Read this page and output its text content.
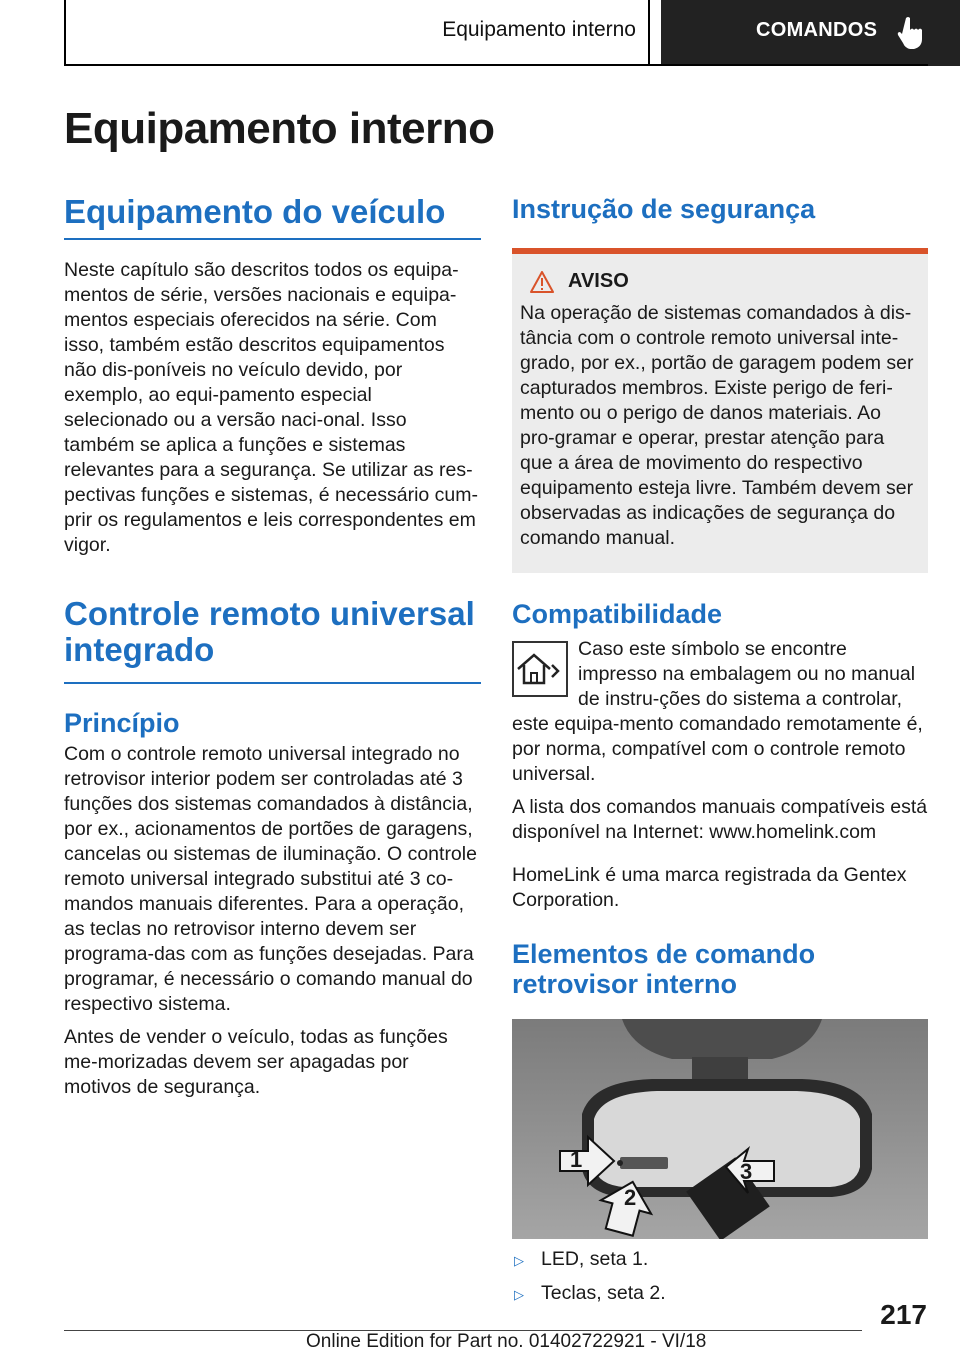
Equipamento interno	COMANDOS
Equipamento interno
Equipamento do veículo
Neste capítulo são descritos todos os equipa-mentos de série, versões nacionais e equipa-mentos especiais oferecidos na série. Com isso, também estão descritos equipamentos não dis-poníveis no veículo devido, por exemplo, ao equi-pamento especial selecionado ou a versão naci-onal. Isso também se aplica a funções e sistemas relevantes para a segurança. Se utilizar as res-pectivas funções e sistemas, é necessário cum-prir os regulamentos e leis correspondentes em vigor.
Controle remoto universal integrado
Princípio
Com o controle remoto universal integrado no retrovisor interior podem ser controladas até 3 funções dos sistemas comandados à distância, por ex., acionamentos de portões de garagens, cancelas ou sistemas de iluminação. O controle remoto universal integrado substitui até 3 co-mandos manuais diferentes. Para a operação, as teclas no retrovisor interno devem ser programa-das com as funções desejadas. Para programar, é necessário o comando manual do respectivo sistema.
Antes de vender o veículo, todas as funções me-morizadas devem ser apagadas por motivos de segurança.
Instrução de segurança
AVISO
Na operação de sistemas comandados à dis-tância com o controle remoto universal inte-grado, por ex., portão de garagem podem ser capturados membros. Existe perigo de feri-mento ou o perigo de danos materiais. Ao pro-gramar e operar, prestar atenção para que a área de movimento do respectivo equipamento esteja livre. Também devem ser observadas as indicações de segurança do comando manual.
Compatibilidade
Caso este símbolo se encontre impresso na embalagem ou no manual de instru-ções do sistema a controlar, este equipa-mento comandado remotamente é, por norma, compatível com o controle remoto universal.
A lista dos comandos manuais compatíveis está disponível na Internet: www.homelink.com
HomeLink é uma marca registrada da Gentex Corporation.
Elementos de comando retrovisor interno
1
2
3
▷ LED, seta 1.
▷ Teclas, seta 2.
217
Online Edition for Part no. 01402722921 - VI/18
